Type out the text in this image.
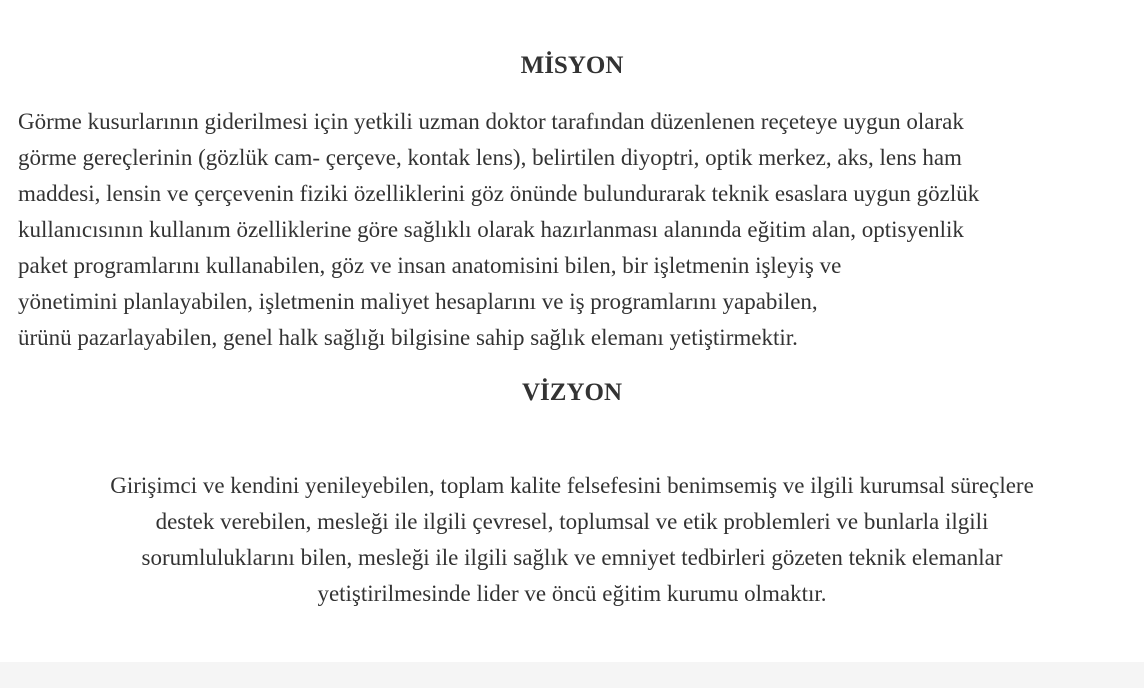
MİSYON

Görme kusurlarının giderilmesi için yetkili uzman doktor tarafından düzenlenen reçeteye uygun olarak
görme gereçlerinin (gözlük cam- çerçeve, kontak lens), belirtilen diyoptri, optik merkez, aks, lens ham
maddesi, lensin ve çerçevenin fiziki özelliklerini göz önünde bulundurarak teknik esaslara uygun gözlük
kullanıcısının kullanım özelliklerine göre sağlıklı olarak hazırlanması alanında eğitim alan, optisyenlik
paket programlarını kullanabilen, göz ve insan anatomisini bilen, bir işletmenin işleyiş ve
yönetimini planlayabilen, işletmenin maliyet hesaplarını ve iş programlarını yapabilen,
ürünü pazarlayabilen, genel halk sağlığı bilgisine sahip sağlık elemanı yetiştirmektir.

VİZYON

Girişimci ve kendini yenileyebilen, toplam kalite felsefesini benimsemiş ve ilgili kurumsal süreçlere
destek verebilen, mesleği ile ilgili çevresel, toplumsal ve etik problemleri ve bunlarla ilgili
sorumluluklarını bilen, mesleği ile ilgili sağlık ve emniyet tedbirleri gözeten teknik elemanlar
yetiştirilmesinde lider ve öncü eğitim kurumu olmaktır.
